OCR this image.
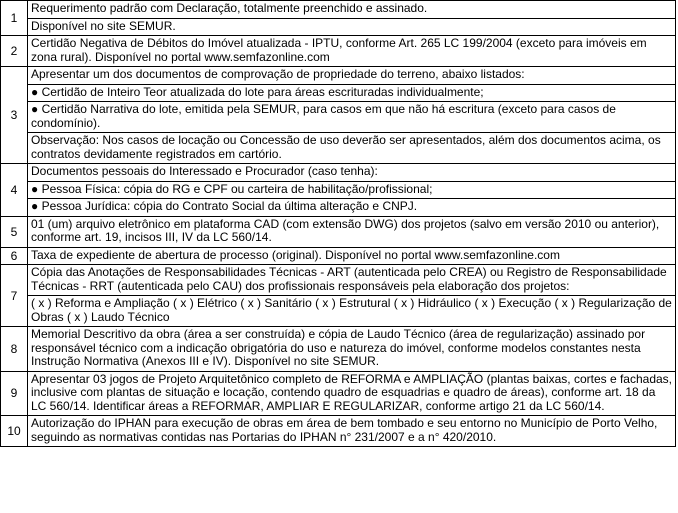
1	Requerimento padrão com Declaração, totalmente preenchido e assinado.
Disponível no site SEMUR.

2	Certidão Negativa de Débitos do Imóvel atualizada - IPTU, conforme Art. 265 LC 199/2004 (exceto para imóveis em zona rural). Disponível no portal www.semfazonline.com

3	Apresentar um dos documentos de comprovação de propriedade do terreno, abaixo listados:
● Certidão de Inteiro Teor atualizada do lote para áreas escrituradas individualmente;
● Certidão Narrativa do lote, emitida pela SEMUR, para casos em que não há escritura (exceto para casos de condomínio).
Observação: Nos casos de locação ou Concessão de uso deverão ser apresentados, além dos documentos acima, os contratos devidamente registrados em cartório.

4	Documentos pessoais do Interessado e Procurador (caso tenha):
● Pessoa Física: cópia do RG e CPF ou carteira de habilitação/profissional;
● Pessoa Jurídica: cópia do Contrato Social da última alteração e CNPJ.

5	01 (um) arquivo eletrônico em plataforma CAD (com extensão DWG) dos projetos (salvo em versão 2010 ou anterior), conforme art. 19, incisos III, IV da LC 560/14.

6	Taxa de expediente de abertura de processo (original). Disponível no portal www.semfazonline.com

7	Cópia das Anotações de Responsabilidades Técnicas - ART (autenticada pelo CREA) ou Registro de Responsabilidade Técnicas - RRT (autenticada pelo CAU) dos profissionais responsáveis pela elaboração dos projetos:
( x ) Reforma e Ampliação ( x ) Elétrico ( x ) Sanitário ( x ) Estrutural ( x ) Hidráulico ( x ) Execução ( x ) Regularização de Obras ( x ) Laudo Técnico

8	Memorial Descritivo da obra (área a ser construída) e cópia de Laudo Técnico (área de regularização) assinado por responsável técnico com a indicação obrigatória do uso e natureza do imóvel, conforme modelos constantes nesta Instrução Normativa (Anexos III e IV). Disponível no site SEMUR.

9	Apresentar 03 jogos de Projeto Arquitetônico completo de REFORMA e AMPLIAÇÃO (plantas baixas, cortes e fachadas, inclusive com plantas de situação e locação, contendo quadro de esquadrias e quadro de áreas), conforme art. 18 da LC 560/14. Identificar áreas a REFORMAR, AMPLIAR E REGULARIZAR, conforme artigo 21 da LC 560/14.

10	Autorização do IPHAN para execução de obras em área de bem tombado e seu entorno no Município de Porto Velho, seguindo as normativas contidas nas Portarias do IPHAN n° 231/2007 e a n° 420/2010.
